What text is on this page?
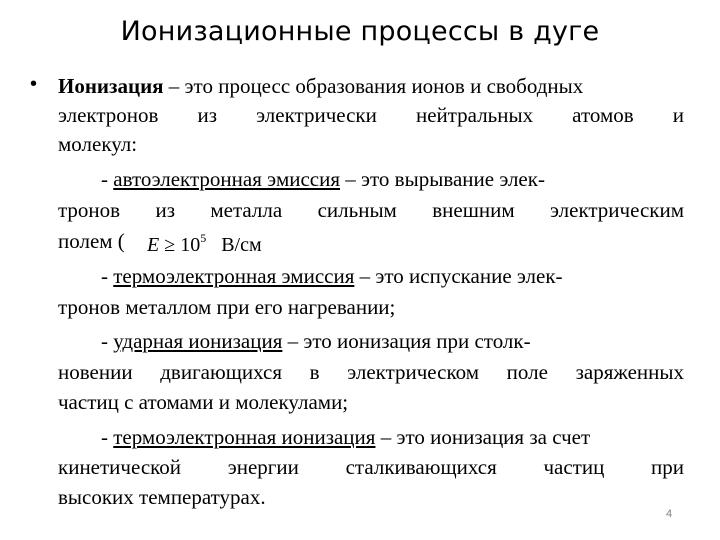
Ионизационные процессы в дуге
• Ионизация – это процесс образования ионов и свободных
электронов из электрически нейтральных атомов и
молекул:
- автоэлектронная эмиссия – это вырывание элек-
тронов из металла сильным внешним электрическим
полем ( $E \ge 10^5$   В/см
- термоэлектронная эмиссия – это испускание элек-
тронов металлом при его нагревании;
- ударная ионизация – это ионизация при столк-
новении двигающихся в электрическом поле заряженных
частиц с атомами и молекулами;
- термоэлектронная ионизация – это ионизация за счет
кинетической энергии сталкивающихся частиц при
высоких температурах.
4
